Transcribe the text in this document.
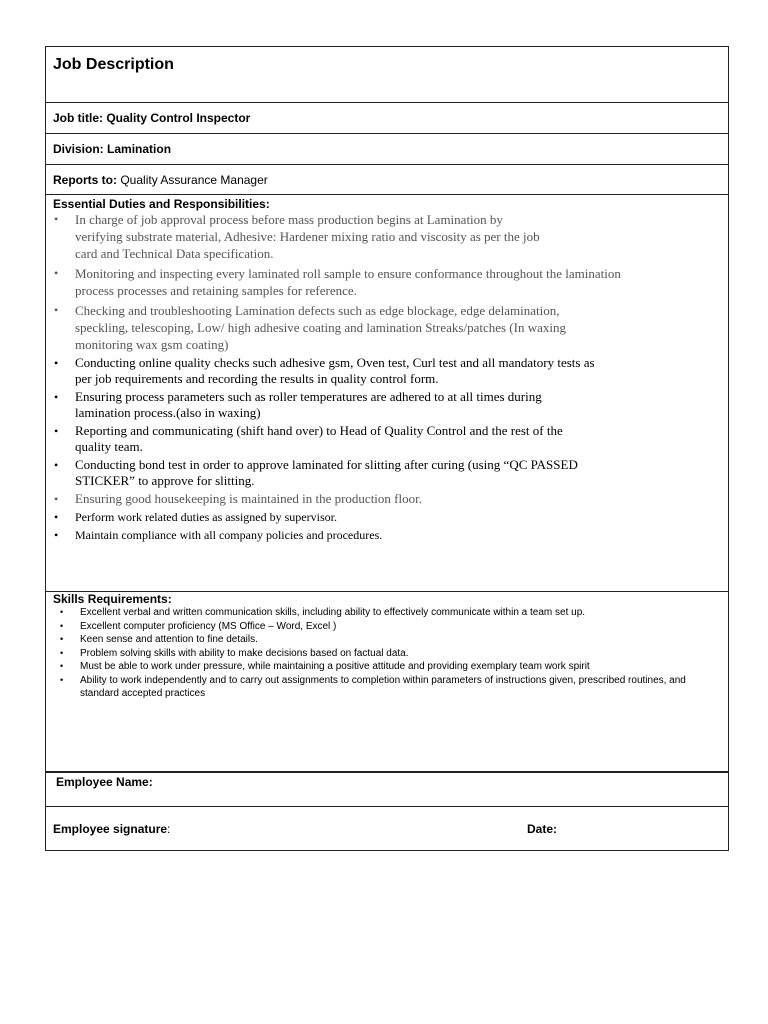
Job Description
Job title: Quality Control Inspector
Division: Lamination
Reports to: Quality Assurance Manager
Essential Duties and Responsibilities:
• In charge of job approval process before mass production begins at Lamination by verifying substrate material, Adhesive: Hardener mixing ratio and viscosity as per the job card and Technical Data specification.
• Monitoring and inspecting every laminated roll sample to ensure conformance throughout the lamination process processes and retaining samples for reference.
• Checking and troubleshooting Lamination defects such as edge blockage, edge delamination, speckling, telescoping, Low/ high adhesive coating and lamination Streaks/patches (In waxing monitoring wax gsm coating)
• Conducting online quality checks such adhesive gsm, Oven test, Curl test and all mandatory tests as per job requirements and recording the results in quality control form.
• Ensuring process parameters such as roller temperatures are adhered to at all times during lamination process.(also in waxing)
• Reporting and communicating (shift hand over) to Head of Quality Control and the rest of the quality team.
• Conducting bond test in order to approve laminated for slitting after curing (using “QC PASSED STICKER” to approve for slitting.
• Ensuring good housekeeping is maintained in the production floor.
• Perform work related duties as assigned by supervisor.
• Maintain compliance with all company policies and procedures.
Skills Requirements:
• Excellent verbal and written communication skills, including ability to effectively communicate within a team set up.
• Excellent computer proficiency (MS Office – Word, Excel )
• Keen sense and attention to fine details.
• Problem solving skills with ability to make decisions based on factual data.
• Must be able to work under pressure, while maintaining a positive attitude and providing exemplary team work spirit
• Ability to work independently and to carry out assignments to completion within parameters of instructions given, prescribed routines, and standard accepted practices
Employee Name:
Employee signature:	Date:
